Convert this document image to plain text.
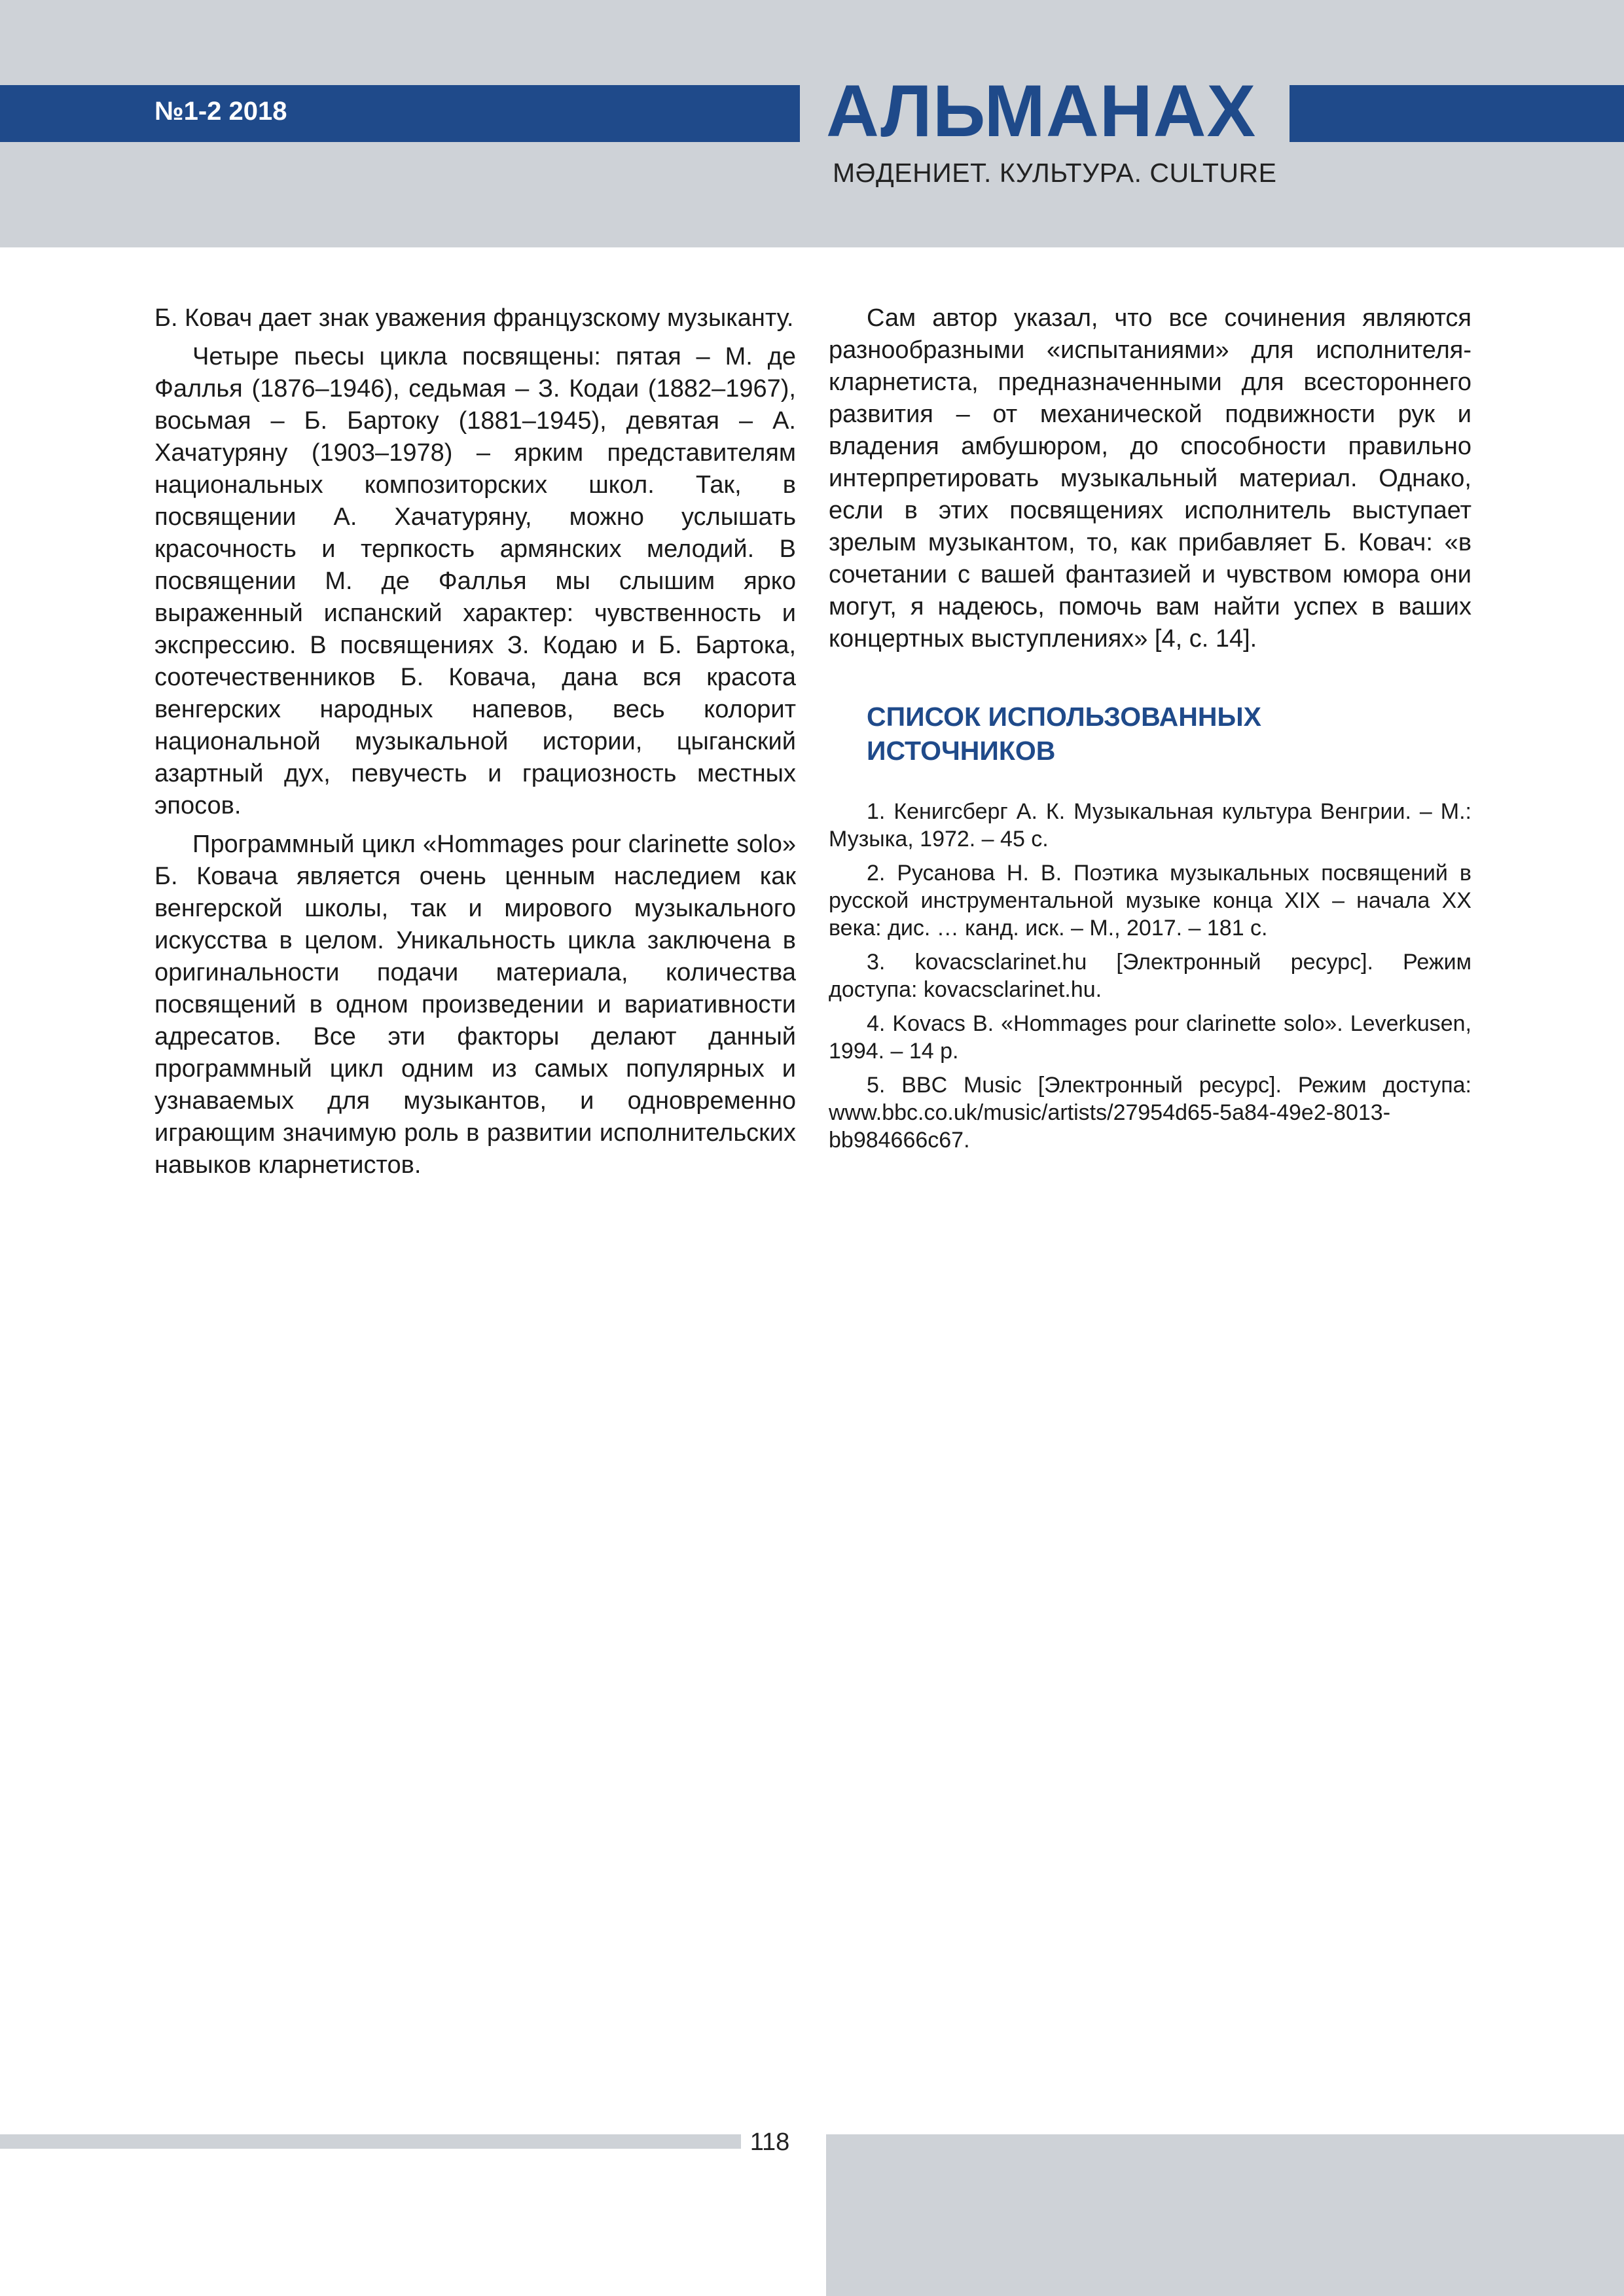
№1-2 2018	АЛЬМАНАХ
МӘДЕНИЕТ. КУЛЬТУРА. CULTURE

Б. Ковач дает знак уважения французскому музыканту.

Четыре пьесы цикла посвящены: пятая – М. де Фаллья (1876–1946), седьмая – З. Кодаи (1882–1967), восьмая – Б. Бартоку (1881–1945), девятая – А. Хачатуряну (1903–1978) – ярким представителям национальных композиторских школ. Так, в посвящении А. Хачатуряну, можно услышать красочность и терпкость армянских мелодий. В посвящении М. де Фаллья мы слышим ярко выраженный испанский характер: чувственность и экспрессию. В посвящениях З. Кодаю и Б. Бартока, соотечественников Б. Ковача, дана вся красота венгерских народных напевов, весь колорит национальной музыкальной истории, цыганский азартный дух, певучесть и грациозность местных эпосов.

Программный цикл «Hommages pour clarinette solo» Б. Ковача является очень ценным наследием как венгерской школы, так и мирового музыкального искусства в целом. Уникальность цикла заключена в оригинальности подачи материала, количества посвящений в одном произведении и вариативности адресатов. Все эти факторы делают данный программный цикл одним из самых популярных и узнаваемых для музыкантов, и одновременно играющим значимую роль в развитии исполнительских навыков кларнетистов.

Сам автор указал, что все сочинения являются разнообразными «испытаниями» для исполнителя-кларнетиста, предназначенными для всестороннего развития – от механической подвижности рук и владения амбушюром, до способности правильно интерпретировать музыкальный материал. Однако, если в этих посвящениях исполнитель выступает зрелым музыкантом, то, как прибавляет Б. Ковач: «в сочетании с вашей фантазией и чувством юмора они могут, я надеюсь, помочь вам найти успех в ваших концертных выступлениях» [4, с. 14].

СПИСОК ИСПОЛЬЗОВАННЫХ ИСТОЧНИКОВ
1. Кенигсберг А. К. Музыкальная культура Венгрии. – М.: Музыка, 1972. – 45 с.
2. Русанова Н. В. Поэтика музыкальных посвящений в русской инструментальной музыке конца XIX – начала XX века: дис. … канд. иск. – М., 2017. – 181 с.
3. kovacsclarinet.hu [Электронный ресурс]. Режим доступа: kovacsclarinet.hu.
4. Kovacs B. «Hommages pour clarinette solo». Leverkusen, 1994. – 14 p.
5. BBC Music [Электронный ресурс]. Режим доступа: www.bbc.co.uk/music/artists/27954d65-5a84-49e2-8013-bb984666c67.
118
